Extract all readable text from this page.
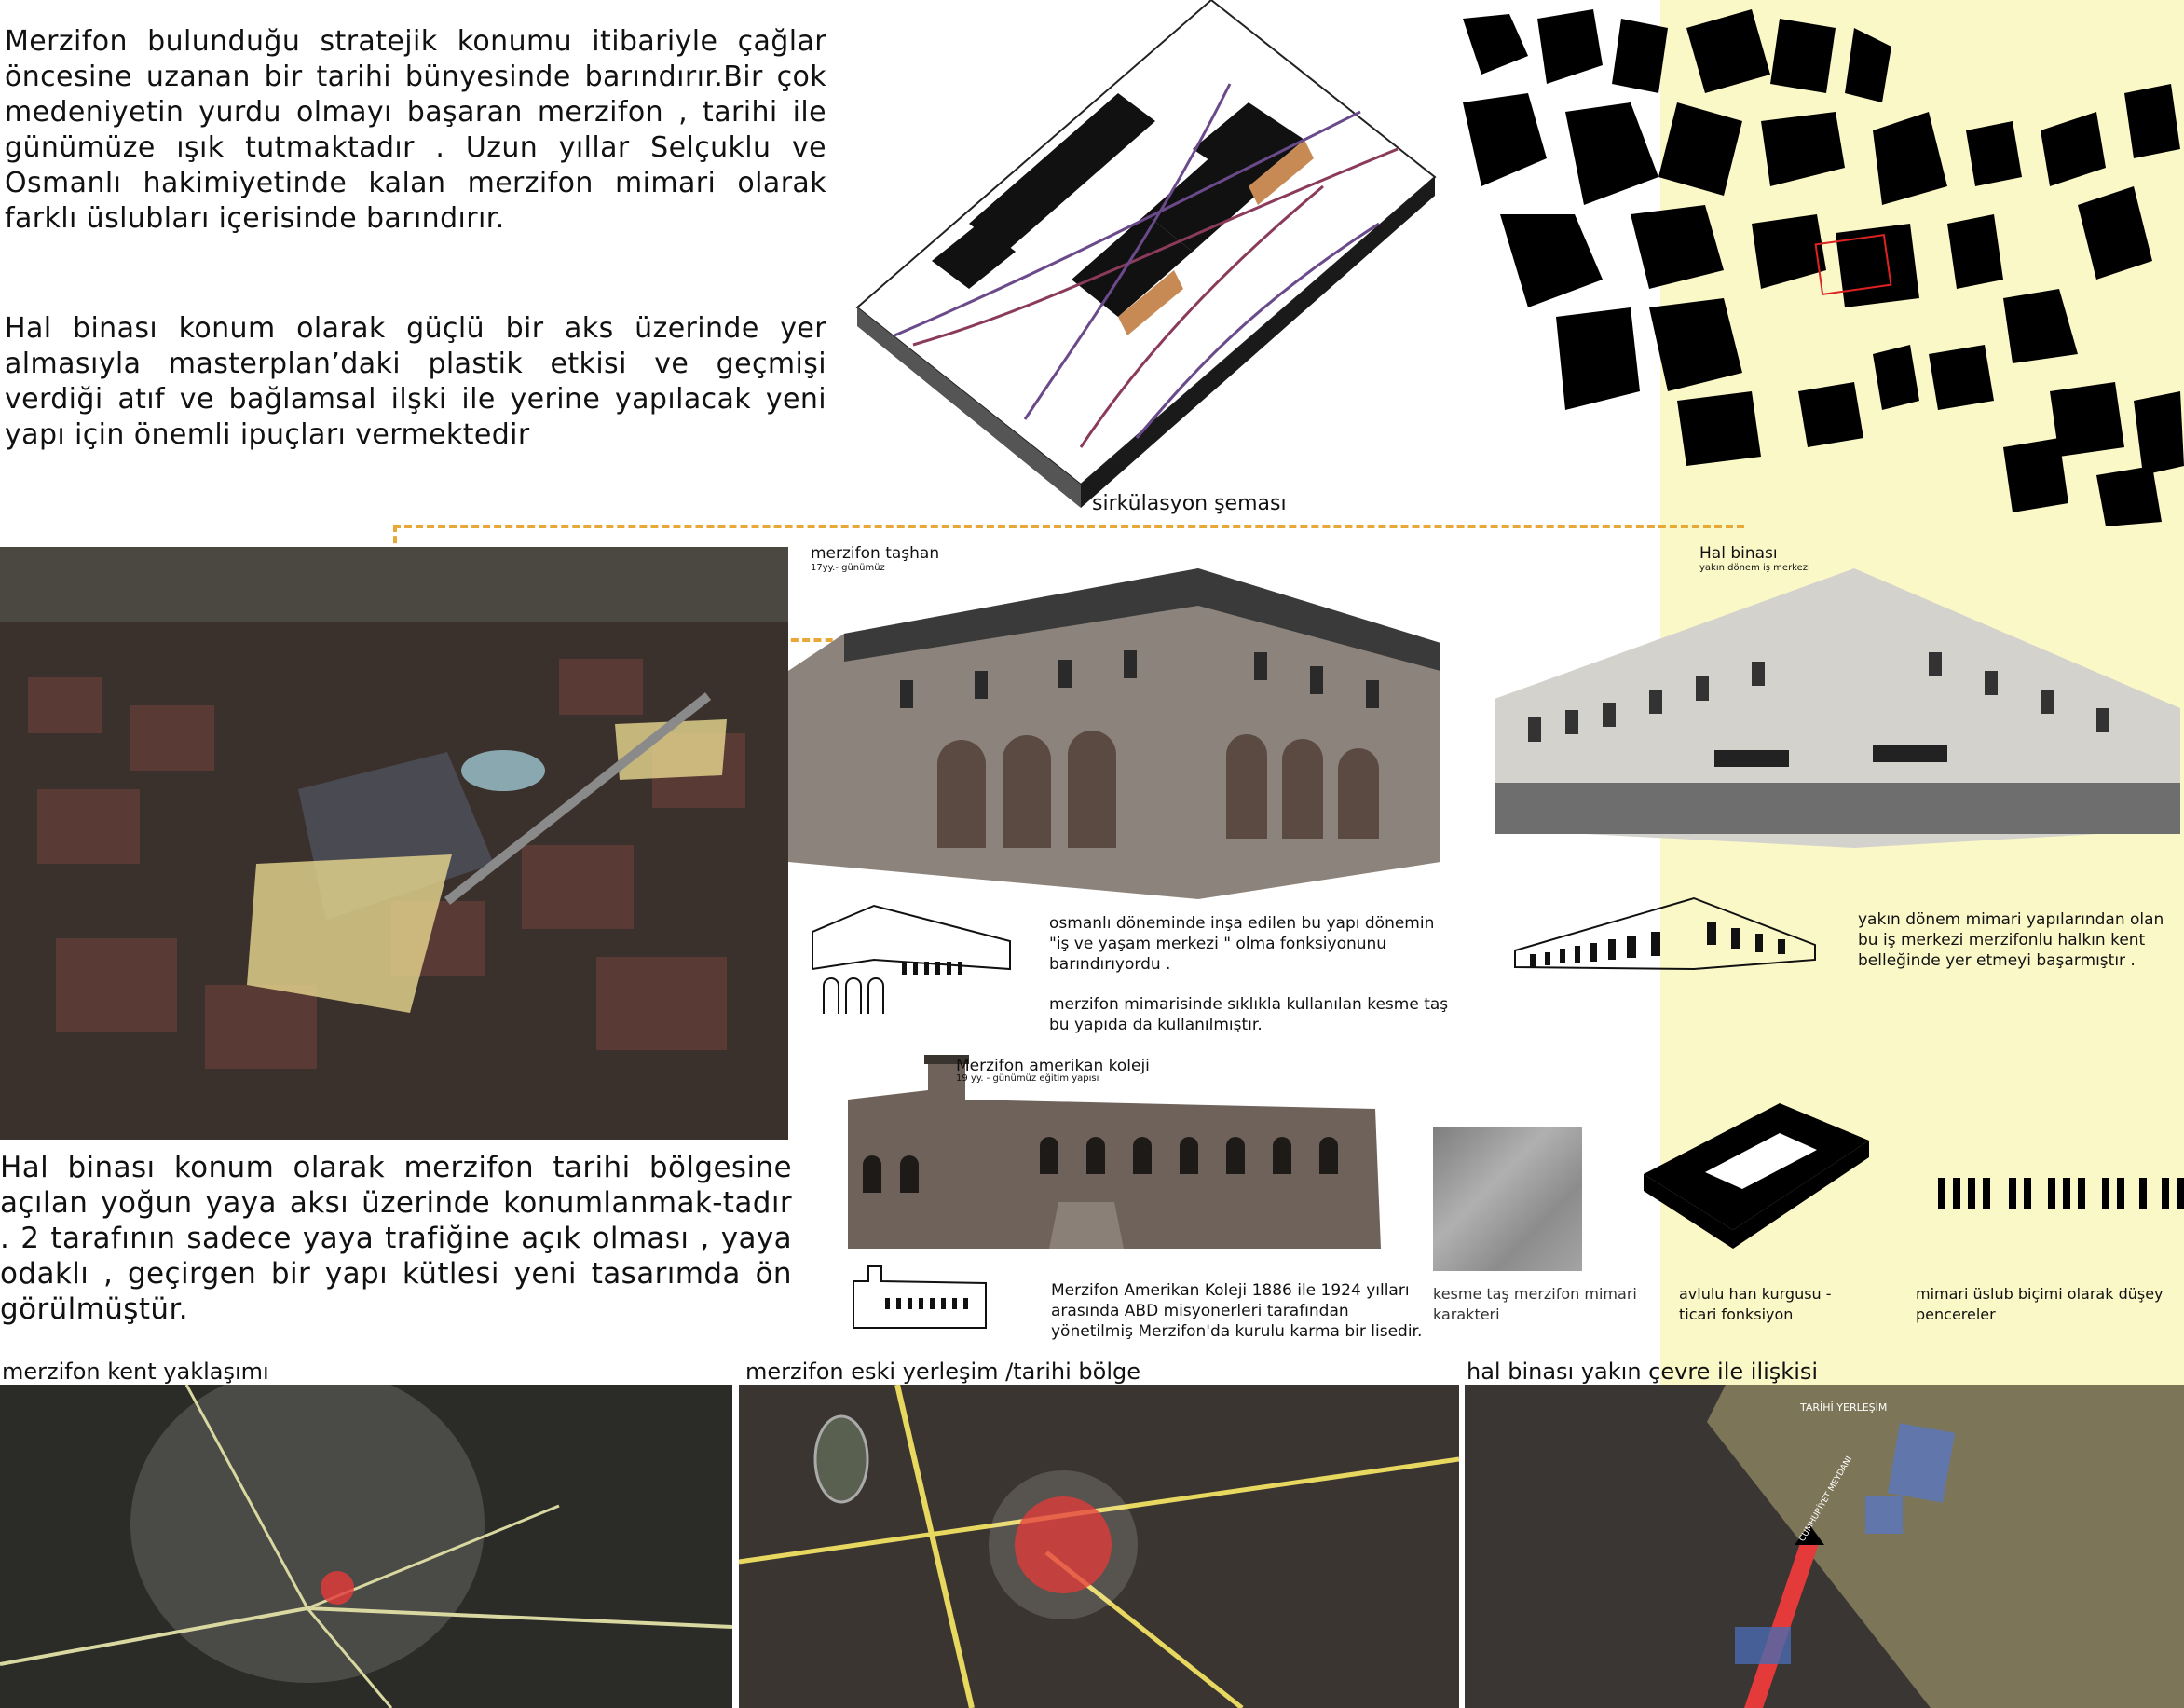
Merzifon bulunduğu stratejik konumu itibariyle çağlar öncesine uzanan bir tarihi bünyesinde barındırır.Bir çok medeniyetin yurdu olmayı başaran merzifon , tarihi ile günümüze ışık tutmaktadır . Uzun yıllar Selçuklu ve Osmanlı hakimiyetinde kalan merzifon mimari olarak farklı üslubları içerisinde barındırır.

Hal binası konum olarak güçlü bir aks üzerinde yer almasıyla masterplan’daki plastik etkisi ve geçmişi verdiği atıf ve bağlamsal ilşki ile yerine yapılacak yeni yapı için önemli ipuçları vermektedir

sirkülasyon şeması

Hal binası konum olarak merzifon tarihi bölgesine açılan yoğun yaya aksı üzerinde konumlanmak-tadır . 2 tarafının sadece yaya trafiğine açık olması , yaya odaklı , geçirgen bir yapı kütlesi yeni tasarımda ön görülmüştür.

merzifon taşhan
17yy.- günümüz

osmanlı döneminde inşa edilen bu yapı dönemin "iş ve yaşam merkezi " olma fonksiyonunu barındırıyordu .

merzifon mimarisinde sıklıkla kullanılan kesme taş bu yapıda da kullanılmıştır.

Hal binası
yakın dönem iş merkezi

yakın dönem mimari yapılarından olan bu iş merkezi merzifonlu halkın kent belleğinde yer etmeyi başarmıştır .

Merzifon amerikan koleji
19 yy. - günümüz eğitim yapısı

Merzifon Amerikan Koleji 1886 ile 1924 yılları arasında ABD misyonerleri tarafından yönetilmiş Merzifon'da kurulu karma bir lisedir.

kesme taş merzifon mimari karakteri

avlulu han kurgusu -ticari fonksiyon

mimari üslub biçimi olarak düşey pencereler

merzifon kent yaklaşımı	merzifon eski yerleşim /tarihi bölge	hal binası yakın çevre ile ilişkisi
TARİHİ YERLEŞİM
CUMHURİYET MEYDANI
